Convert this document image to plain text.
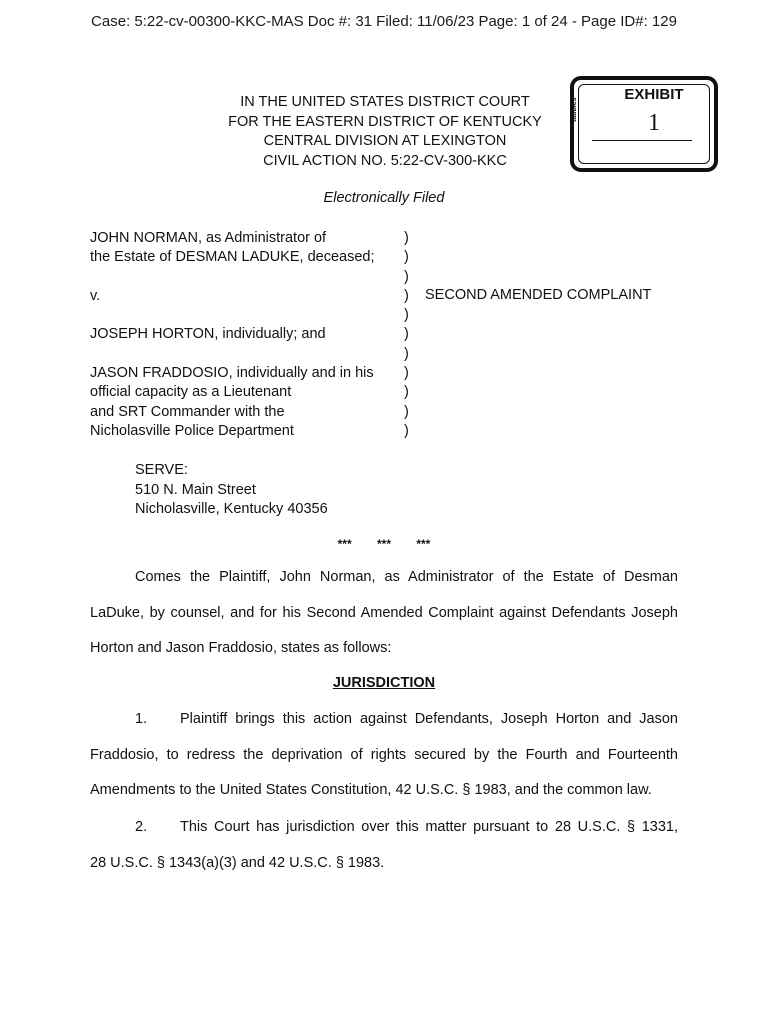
Case: 5:22-cv-00300-KKC-MAS Doc #: 31 Filed: 11/06/23 Page: 1 of 24 - Page ID#: 129
IN THE UNITED STATES DISTRICT COURT
FOR THE EASTERN DISTRICT OF KENTUCKY
CENTRAL DIVISION AT LEXINGTON
CIVIL ACTION NO. 5:22-CV-300-KKC
tabbies
EXHIBIT
1
Electronically Filed
JOHN NORMAN, as Administrator of
the Estate of DESMAN LADUKE, deceased;
v.
JOSEPH HORTON, individually; and
JASON FRADDOSIO, individually and in his
official capacity as a Lieutenant
and SRT Commander with the
Nicholasville Police Department
)
)
)
)
)
)
)
)
)
)
)
SECOND AMENDED COMPLAINT
SERVE:
510 N. Main Street
Nicholasville, Kentucky 40356
*** *** ***
Comes the Plaintiff, John Norman, as Administrator of the Estate of Desman
LaDuke, by counsel, and for his Second Amended Complaint against Defendants Joseph
Horton and Jason Fraddosio, states as follows:
JURISDICTION
1. Plaintiff brings this action against Defendants, Joseph Horton and Jason
Fraddosio, to redress the deprivation of rights secured by the Fourth and Fourteenth
Amendments to the United States Constitution, 42 U.S.C. § 1983, and the common law.
2. This Court has jurisdiction over this matter pursuant to 28 U.S.C. § 1331,
28 U.S.C. § 1343(a)(3) and 42 U.S.C. § 1983.
